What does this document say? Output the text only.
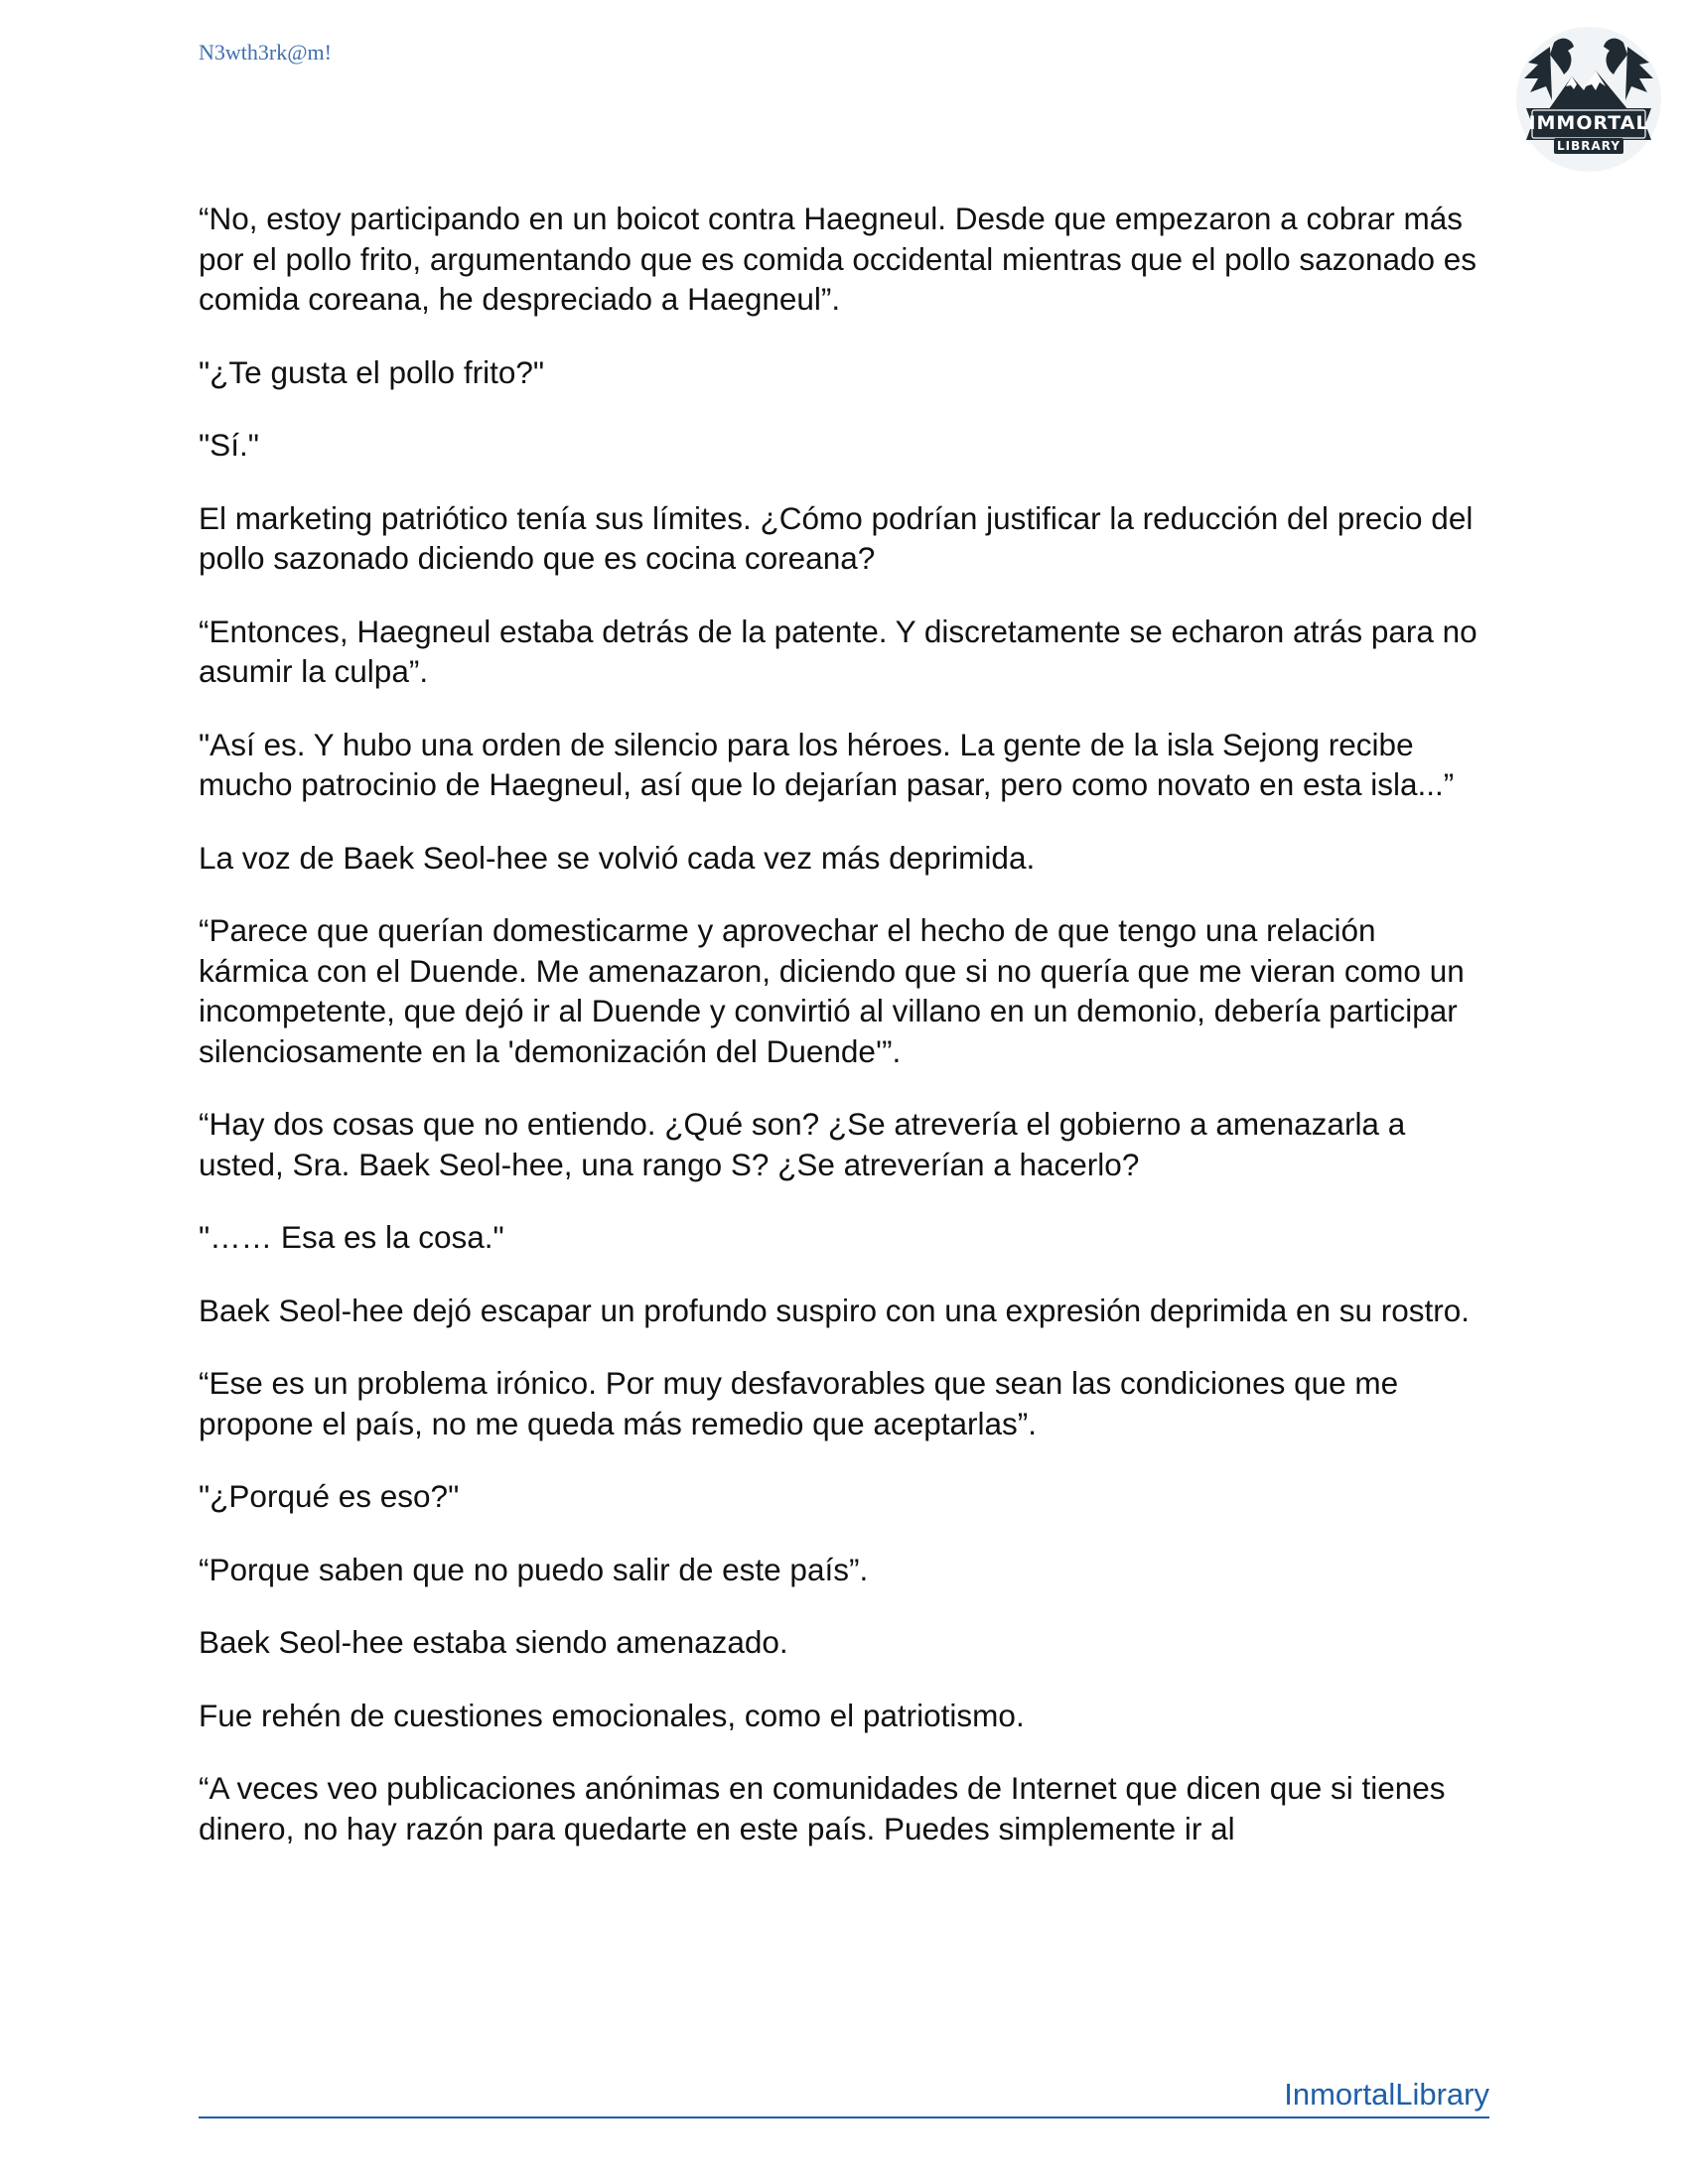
N3wth3rk@m!
IMMORTAL
LIBRARY

“No, estoy participando en un boicot contra Haegneul. Desde que empezaron a cobrar más por el pollo frito, argumentando que es comida occidental mientras que el pollo sazonado es comida coreana, he despreciado a Haegneul”.

"¿Te gusta el pollo frito?"

"Sí."

El marketing patriótico tenía sus límites. ¿Cómo podrían justificar la reducción del precio del pollo sazonado diciendo que es cocina coreana?

“Entonces, Haegneul estaba detrás de la patente. Y discretamente se echaron atrás para no asumir la culpa”.

"Así es. Y hubo una orden de silencio para los héroes. La gente de la isla Sejong recibe mucho patrocinio de Haegneul, así que lo dejarían pasar, pero como novato en esta isla...”

La voz de Baek Seol-hee se volvió cada vez más deprimida.

“Parece que querían domesticarme y aprovechar el hecho de que tengo una relación kármica con el Duende. Me amenazaron, diciendo que si no quería que me vieran como un incompetente, que dejó ir al Duende y convirtió al villano en un demonio, debería participar silenciosamente en la 'demonización del Duende'”.

“Hay dos cosas que no entiendo. ¿Qué son? ¿Se atrevería el gobierno a amenazarla a usted, Sra. Baek Seol-hee, una rango S? ¿Se atreverían a hacerlo?

"…… Esa es la cosa."

Baek Seol-hee dejó escapar un profundo suspiro con una expresión deprimida en su rostro.

“Ese es un problema irónico. Por muy desfavorables que sean las condiciones que me propone el país, no me queda más remedio que aceptarlas”.

"¿Porqué es eso?"

“Porque saben que no puedo salir de este país”.

Baek Seol-hee estaba siendo amenazado.

Fue rehén de cuestiones emocionales, como el patriotismo.

“A veces veo publicaciones anónimas en comunidades de Internet que dicen que si tienes dinero, no hay razón para quedarte en este país. Puedes simplemente ir al

InmortalLibrary
